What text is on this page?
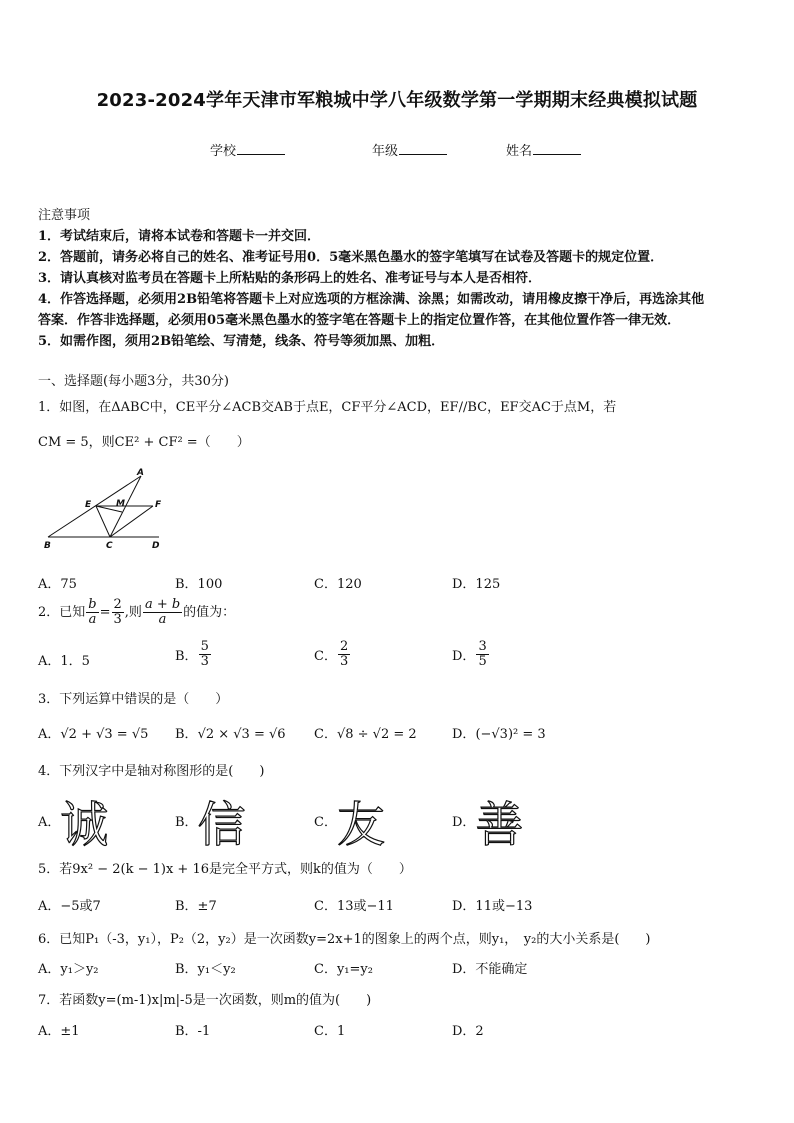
2023-2024学年天津市军粮城中学八年级数学第一学期期末经典模拟试题
学校	年级	姓名
注意事项
1．考试结束后，请将本试卷和答题卡一并交回．
2．答题前，请务必将自己的姓名、准考证号用0．5毫米黑色墨水的签字笔填写在试卷及答题卡的规定位置．
3．请认真核对监考员在答题卡上所粘贴的条形码上的姓名、准考证号与本人是否相符．
4．作答选择题，必须用2B铅笔将答题卡上对应选项的方框涂满、涂黑；如需改动，请用橡皮擦干净后，再选涂其他
答案．作答非选择题，必须用05毫米黑色墨水的签字笔在答题卡上的指定位置作答，在其他位置作答一律无效．
5．如需作图，须用2B铅笔绘、写清楚，线条、符号等须加黑、加粗．
一、选择题(每小题3分，共30分)
1．如图，在ΔABC中，CE平分∠ACB交AB于点E，CF平分∠ACD，EF//BC，EF交AC于点M，若
CM = 5，则CE² + CF² =（　　）
A
E	M	F
B	C	D
A．75	B．100	C．120	D．125
2．已知 $\frac{b}{a} = \frac{2}{3}$ ,则 $\frac{a + b}{a}$ 的值为：
A．1．5	B． $\frac{5}{3}$	C． $\frac{2}{3}$	D． $\frac{3}{5}$
3．下列运算中错误的是（　　）
A．√2 + √3 = √5 B．√2 × √3 = √6 C．√8 ÷ √2 = 2	D．(−√3)² = 3
4．下列汉字中是轴对称图形的是(　　)
A．诚	B．信	C．友	D．善
5．若9x² − 2(k − 1)x + 16是完全平方式，则k的值为（　　）
A．−5或7	B．±7	C．13或−11	D．11或−13
6．已知P₁（-3，y₁），P₂（2，y₂）是一次函数y=2x+1的图象上的两个点，则y₁，　y₂的大小关系是(　　)
A．y₁＞y₂	B．y₁＜y₂	C．y₁=y₂	D．不能确定
7．若函数y=(m-1)x|m|-5是一次函数，则m的值为(　　)
A．±1	B．-1	C．1	D．2
